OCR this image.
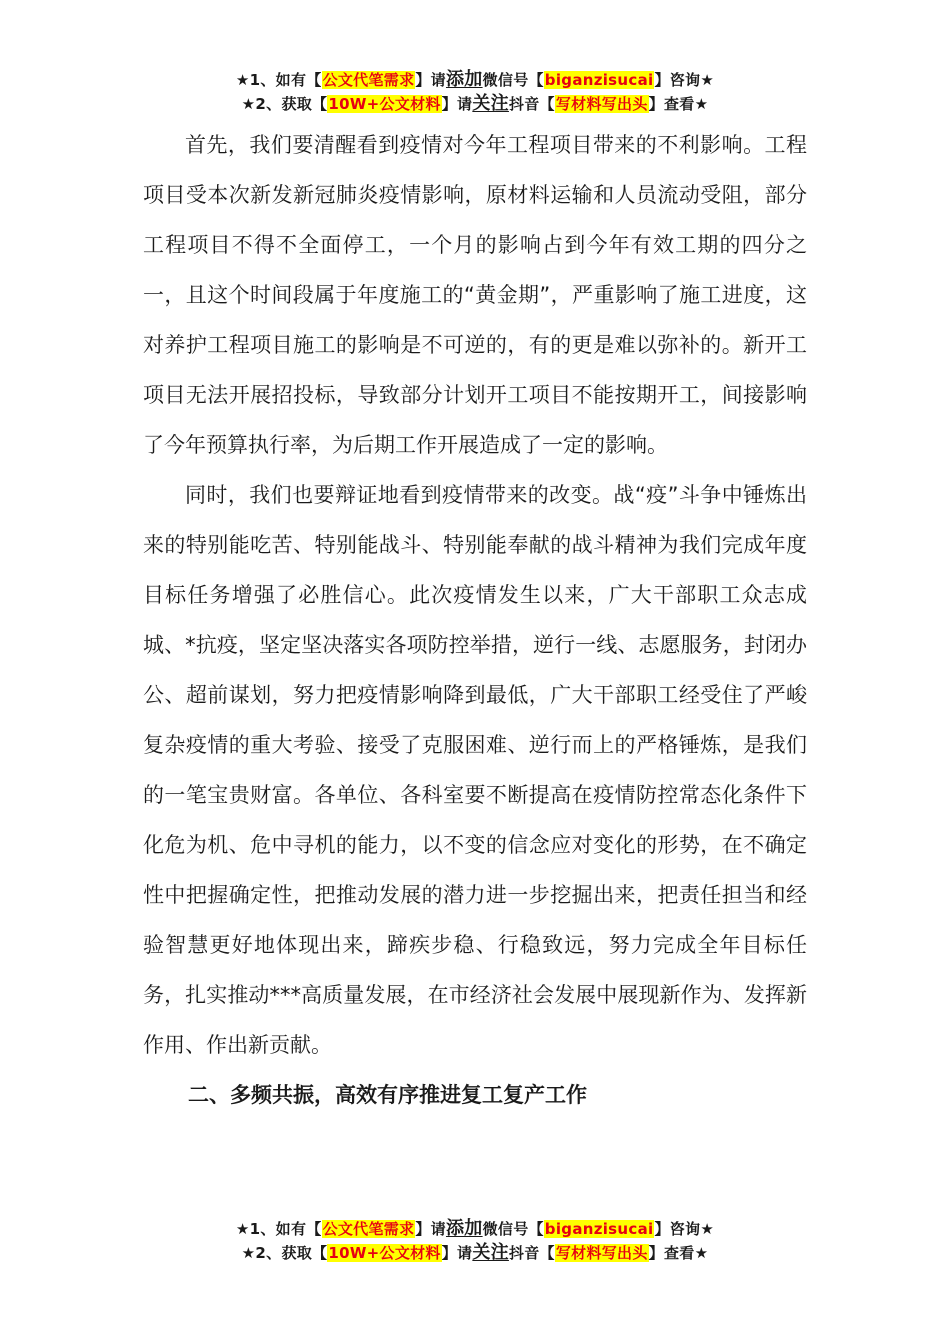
★1、如有【公文代笔需求】请添加微信号【biganzisucai】咨询★
★2、获取【10W+公文材料】请关注抖音【写材料写出头】查看★

首先，我们要清醒看到疫情对今年工程项目带来的不利影响。工程项目受本次新发新冠肺炎疫情影响，原材料运输和人员流动受阻，部分工程项目不得不全面停工，一个月的影响占到今年有效工期的四分之一，且这个时间段属于年度施工的“黄金期”，严重影响了施工进度，这对养护工程项目施工的影响是不可逆的，有的更是难以弥补的。新开工项目无法开展招投标，导致部分计划开工项目不能按期开工，间接影响了今年预算执行率，为后期工作开展造成了一定的影响。

同时，我们也要辩证地看到疫情带来的改变。战“疫”斗争中锤炼出来的特别能吃苦、特别能战斗、特别能奉献的战斗精神为我们完成年度目标任务增强了必胜信心。此次疫情发生以来，广大干部职工众志成城、*抗疫，坚定坚决落实各项防控举措，逆行一线、志愿服务，封闭办公、超前谋划，努力把疫情影响降到最低，广大干部职工经受住了严峻复杂疫情的重大考验、接受了克服困难、逆行而上的严格锤炼，是我们的一笔宝贵财富。各单位、各科室要不断提高在疫情防控常态化条件下化危为机、危中寻机的能力，以不变的信念应对变化的形势，在不确定性中把握确定性，把推动发展的潜力进一步挖掘出来，把责任担当和经验智慧更好地体现出来，蹄疾步稳、行稳致远，努力完成全年目标任务，扎实推动***高质量发展，在市经济社会发展中展现新作为、发挥新作用、作出新贡献。

二、多频共振，高效有序推进复工复产工作
★1、如有【公文代笔需求】请添加微信号【biganzisucai】咨询★
★2、获取【10W+公文材料】请关注抖音【写材料写出头】查看★
